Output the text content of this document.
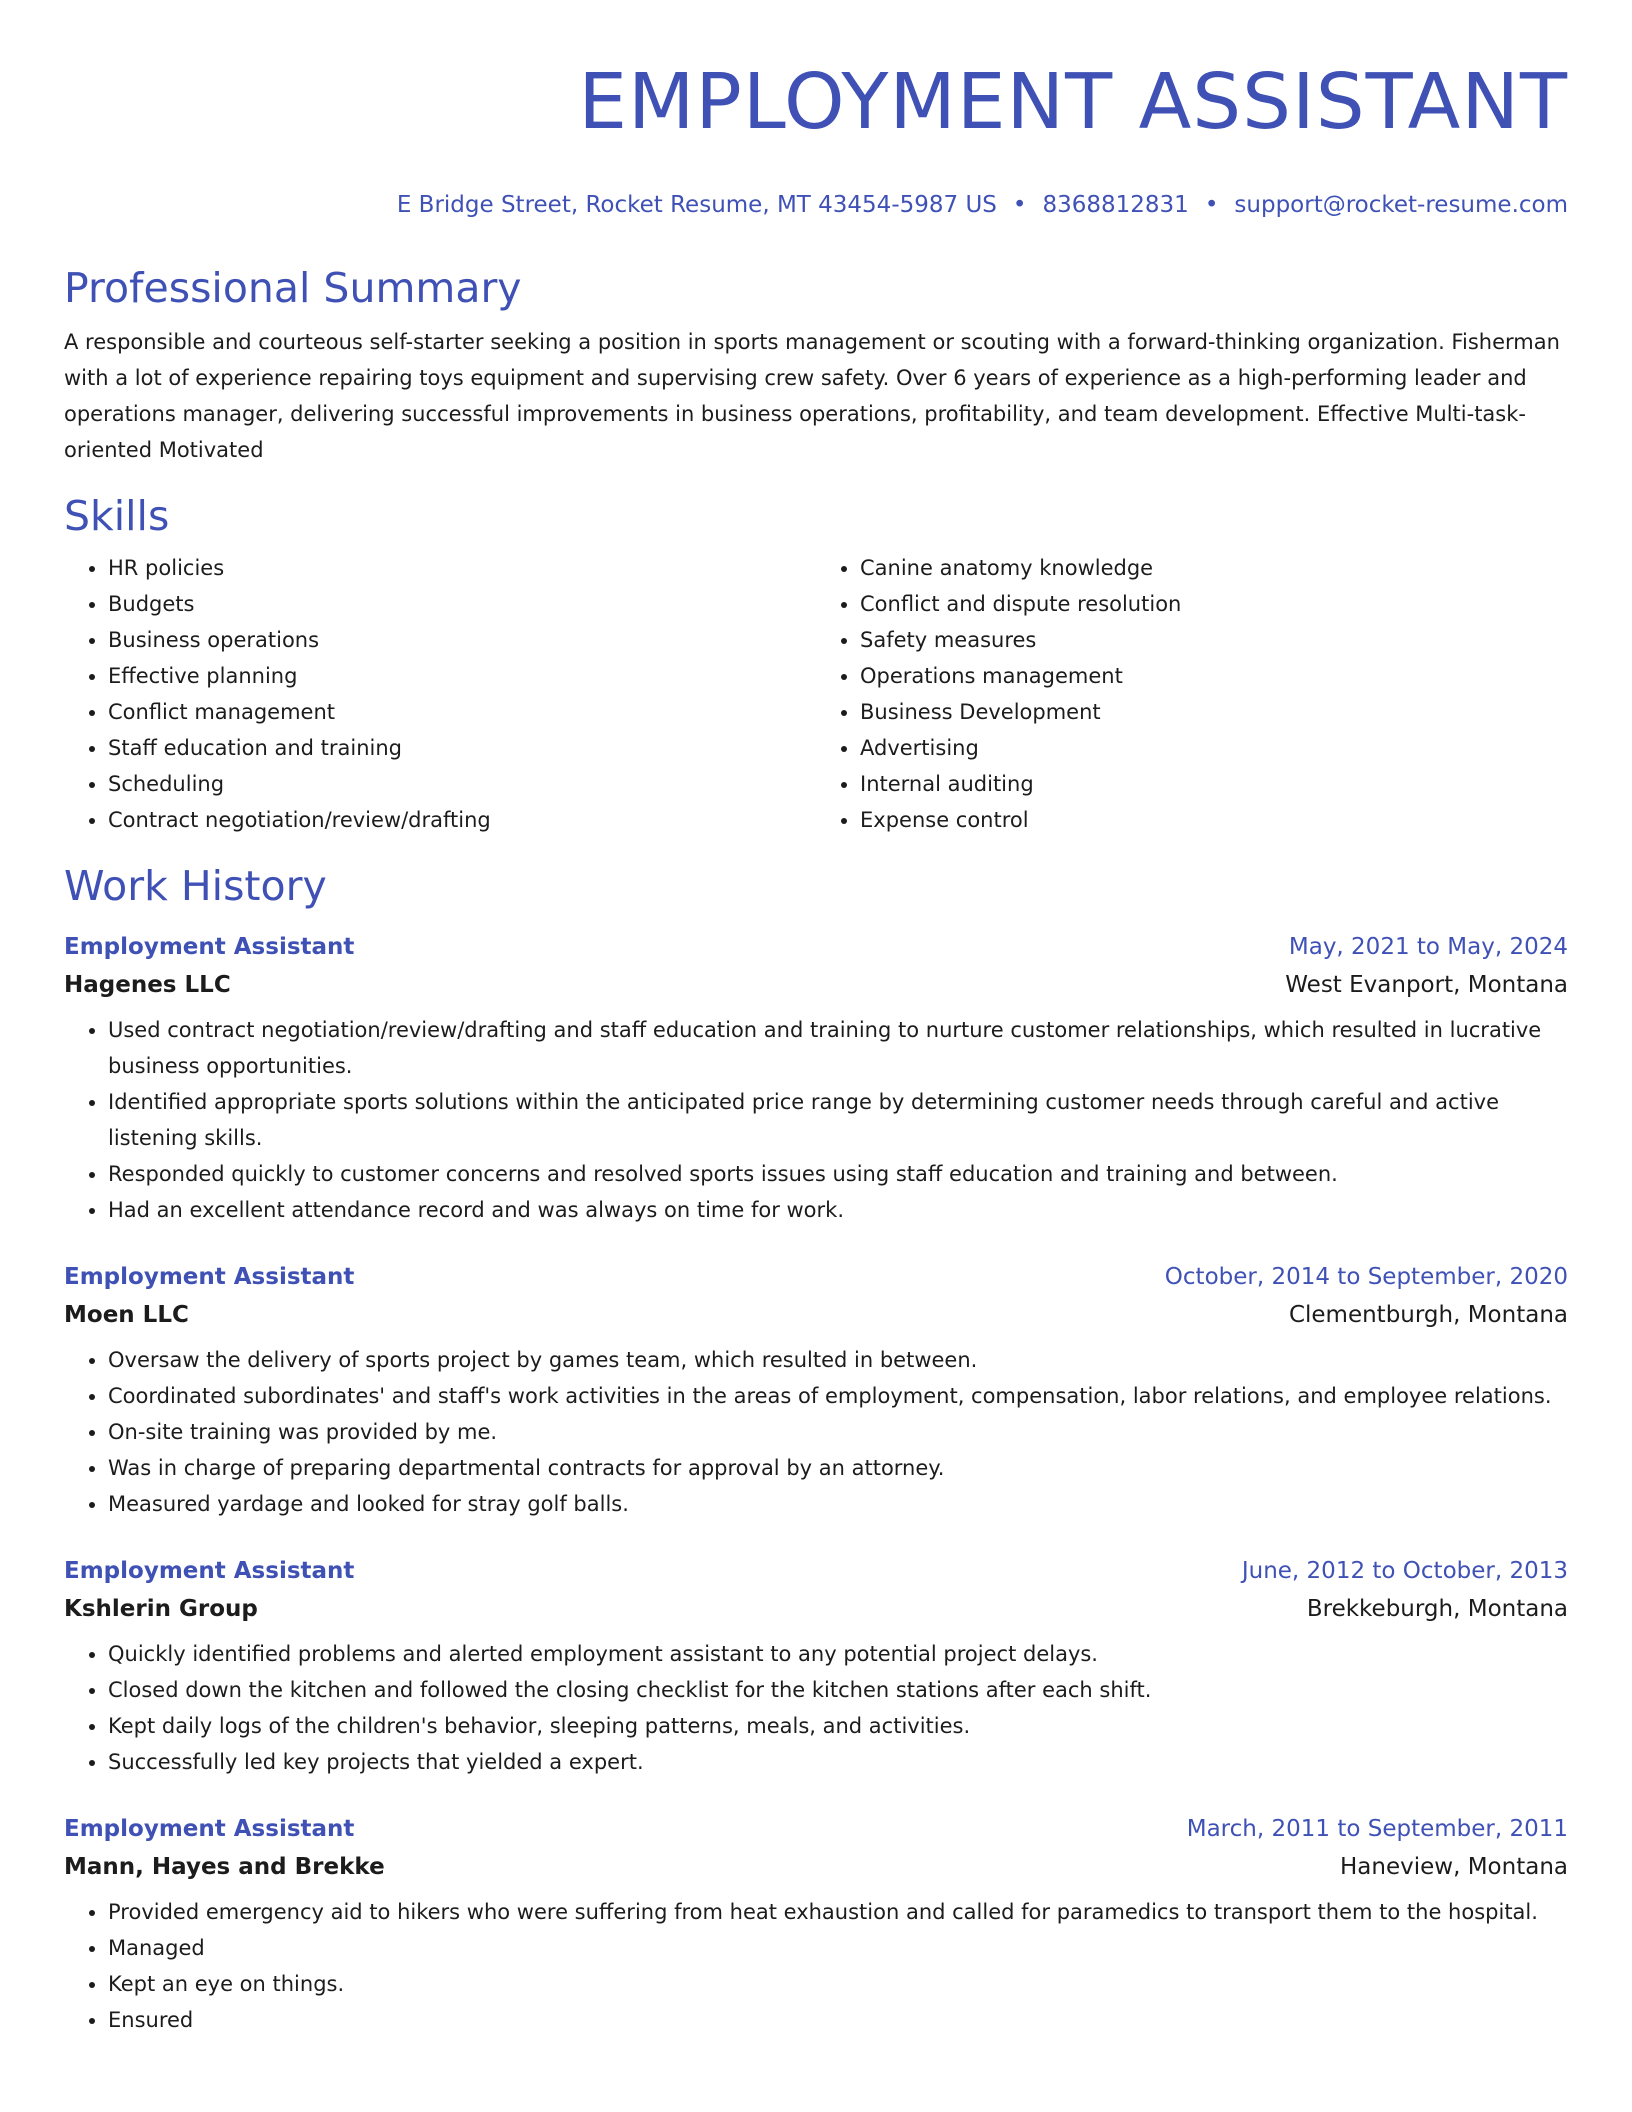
EMPLOYMENT ASSISTANT
E Bridge Street, Rocket Resume, MT 43454-5987 US • 8368812831 • support@rocket-resume.com
Professional Summary
A responsible and courteous self-starter seeking a position in sports management or scouting with a forward-thinking organization. Fisherman with a lot of experience repairing toys equipment and supervising crew safety. Over 6 years of experience as a high-performing leader and operations manager, delivering successful improvements in business operations, profitability, and team development. Effective Multi-task-oriented Motivated
Skills
• HR policies
• Budgets
• Business operations
• Effective planning
• Conflict management
• Staff education and training
• Scheduling
• Contract negotiation/review/drafting
• Canine anatomy knowledge
• Conflict and dispute resolution
• Safety measures
• Operations management
• Business Development
• Advertising
• Internal auditing
• Expense control
Work History
Employment Assistant	May, 2021 to May, 2024
Hagenes LLC	West Evanport, Montana
• Used contract negotiation/review/drafting and staff education and training to nurture customer relationships, which resulted in lucrative business opportunities.
• Identified appropriate sports solutions within the anticipated price range by determining customer needs through careful and active listening skills.
• Responded quickly to customer concerns and resolved sports issues using staff education and training and between.
• Had an excellent attendance record and was always on time for work.
Employment Assistant	October, 2014 to September, 2020
Moen LLC	Clementburgh, Montana
• Oversaw the delivery of sports project by games team, which resulted in between.
• Coordinated subordinates' and staff's work activities in the areas of employment, compensation, labor relations, and employee relations.
• On-site training was provided by me.
• Was in charge of preparing departmental contracts for approval by an attorney.
• Measured yardage and looked for stray golf balls.
Employment Assistant	June, 2012 to October, 2013
Kshlerin Group	Brekkeburgh, Montana
• Quickly identified problems and alerted employment assistant to any potential project delays.
• Closed down the kitchen and followed the closing checklist for the kitchen stations after each shift.
• Kept daily logs of the children's behavior, sleeping patterns, meals, and activities.
• Successfully led key projects that yielded a expert.
Employment Assistant	March, 2011 to September, 2011
Mann, Hayes and Brekke	Haneview, Montana
• Provided emergency aid to hikers who were suffering from heat exhaustion and called for paramedics to transport them to the hospital.
• Managed
• Kept an eye on things.
• Ensured
